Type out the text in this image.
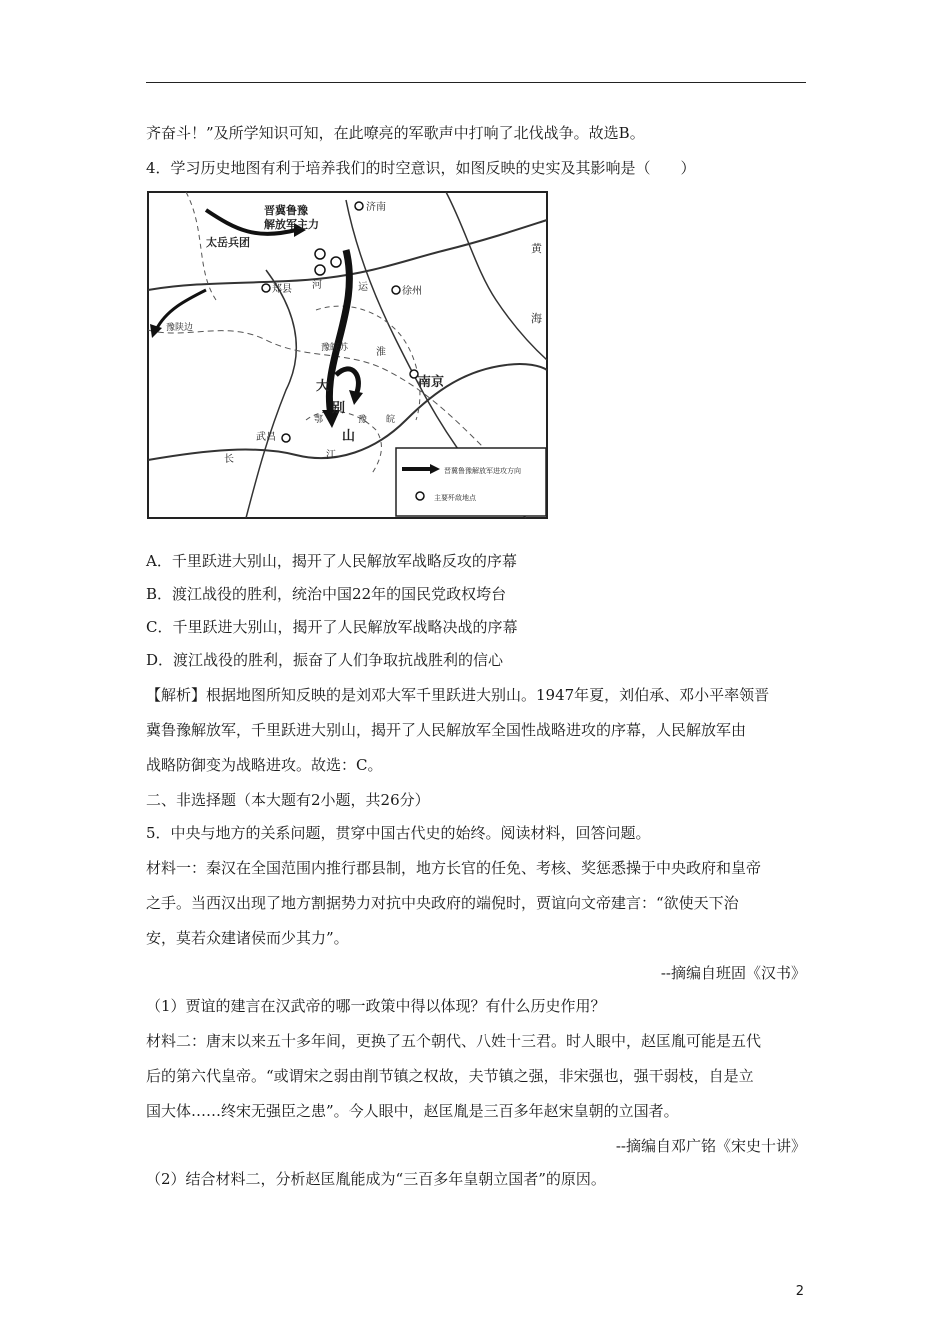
齐奋斗！”及所学知识可知，在此嘹亮的军歌声中打响了北伐战争。故选B。
4．学习历史地图有利于培养我们的时空意识，如图反映的史实及其影响是（　　）
晋冀鲁豫
解放军主力
太岳兵团
济南
黄
海
运
河
郑县	徐州
豫陕边
豫皖苏	淮
大
别
山
鄂	豫 皖
南京
武昌
江
长
晋冀鲁豫解放军进攻方向
主要歼敌地点
A．千里跃进大别山，揭开了人民解放军战略反攻的序幕
B．渡江战役的胜利，统治中国22年的国民党政权垮台
C．千里跃进大别山，揭开了人民解放军战略决战的序幕
D．渡江战役的胜利，振奋了人们争取抗战胜利的信心
【解析】根据地图所知反映的是刘邓大军千里跃进大别山。1947年夏，刘伯承、邓小平率领晋
冀鲁豫解放军，千里跃进大别山，揭开了人民解放军全国性战略进攻的序幕，人民解放军由
战略防御变为战略进攻。故选：C。
二、非选择题（本大题有2小题，共26分）
5．中央与地方的关系问题，贯穿中国古代史的始终。阅读材料，回答问题。
材料一：秦汉在全国范围内推行郡县制，地方长官的任免、考核、奖惩悉操于中央政府和皇帝
之手。当西汉出现了地方割据势力对抗中央政府的端倪时，贾谊向文帝建言：“欲使天下治
安，莫若众建诸侯而少其力”。
--摘编自班固《汉书》
（1）贾谊的建言在汉武帝的哪一政策中得以体现？有什么历史作用？
材料二：唐末以来五十多年间，更换了五个朝代、八姓十三君。时人眼中，赵匡胤可能是五代
后的第六代皇帝。“或谓宋之弱由削节镇之权故，夫节镇之强，非宋强也，强干弱枝，自是立
国大体……终宋无强臣之患”。今人眼中，赵匡胤是三百多年赵宋皇朝的立国者。
--摘编自邓广铭《宋史十讲》
（2）结合材料二，分析赵匡胤能成为“三百多年皇朝立国者”的原因。
2
